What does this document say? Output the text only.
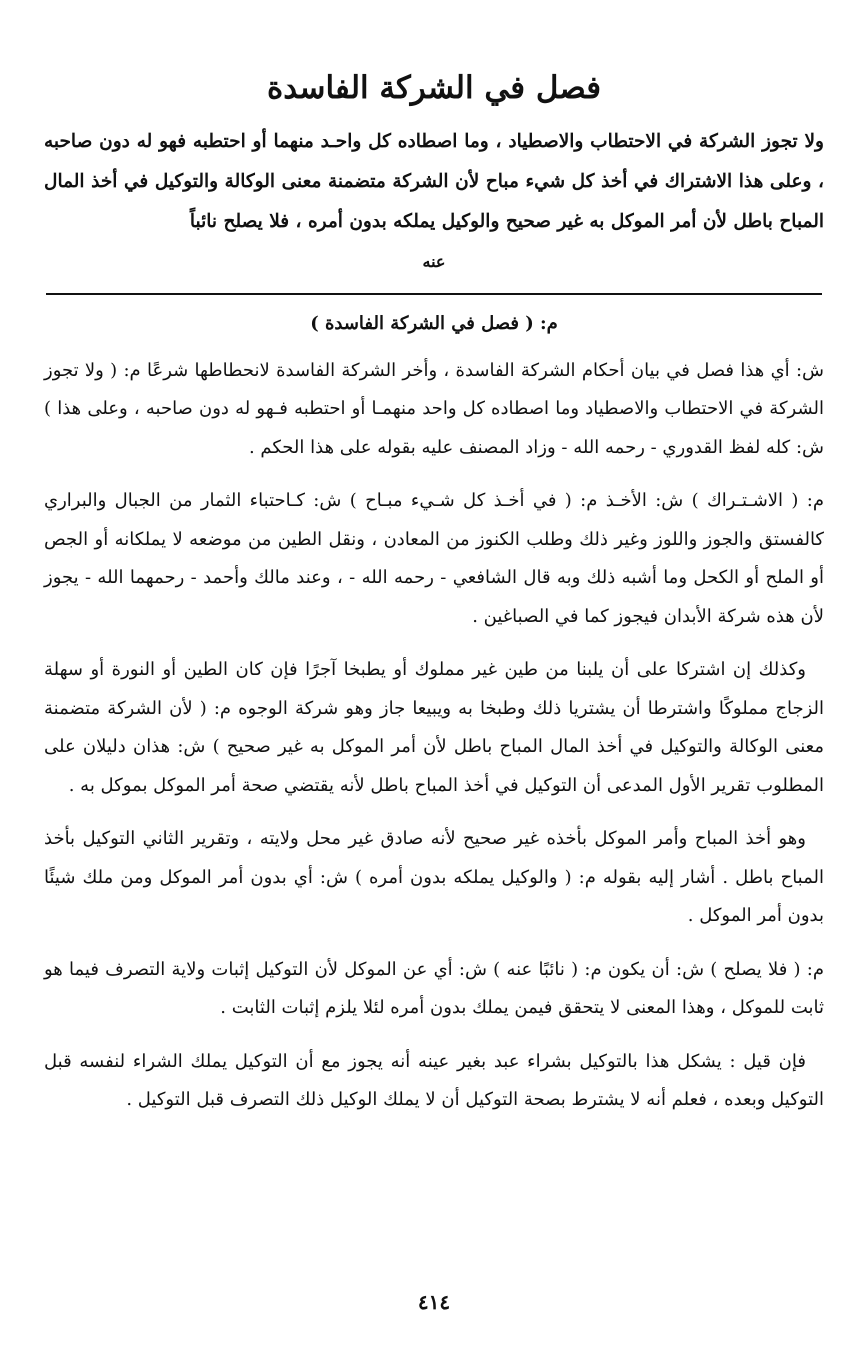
فصل في الشركة الفاسدة
ولا تجوز الشركة في الاحتطاب والاصطياد ، وما اصطاده كل واحـد منهما أو احتطبه فهو له دون صاحبه ، وعلى هذا الاشتراك في أخذ كل شيء مباح لأن الشركة متضمنة معنى الوكالة والتوكيل في أخذ المال المباح باطل لأن أمر الموكل به غير صحيح والوكيل يملكه بدون أمره ، فلا يصلح نائباً
عنه

م: ( فصل في الشركة الفاسدة )

ش: أي هذا فصل في بيان أحكام الشركة الفاسدة ، وأخر الشركة الفاسدة لانحطاطها شرعًا م: ( ولا تجوز الشركة في الاحتطاب والاصطياد وما اصطاده كل واحد منهمـا أو احتطبه فـهو له دون صاحبه ، وعلى هذا ) ش: كله لفظ القدوري - رحمه الله - وزاد المصنف عليه بقوله على هذا الحكم .

م: ( الاشـتـراك ) ش: الأخـذ م: ( في أخـذ كل شـيء مبـاح ) ش: كـاحتباء الثمار من الجبال والبراري كالفستق والجوز واللوز وغير ذلك وطلب الكنوز من المعادن ، ونقل الطين من موضعه لا يملكانه أو الجص أو الملح أو الكحل وما أشبه ذلك وبه قال الشافعي - رحمه الله - ، وعند مالك وأحمد - رحمهما الله - يجوز لأن هذه شركة الأبدان فيجوز كما في الصباغين .

وكذلك إن اشتركا على أن يلبنا من طين غير مملوك أو يطبخا آجرًا فإن كان الطين أو النورة أو سهلة الزجاج مملوكًا واشترطا أن يشتريا ذلك وطبخا به ويبيعا جاز وهو شركة الوجوه م: ( لأن الشركة متضمنة معنى الوكالة والتوكيل في أخذ المال المباح باطل لأن أمر الموكل به غير صحيح ) ش: هذان دليلان على المطلوب تقرير الأول المدعى أن التوكيل في أخذ المباح باطل لأنه يقتضي صحة أمر الموكل بموكل به .

وهو أخذ المباح وأمر الموكل بأخذه غير صحيح لأنه صادق غير محل ولايته ، وتقرير الثاني التوكيل بأخذ المباح باطل . أشار إليه بقوله م: ( والوكيل يملكه بدون أمره ) ش: أي بدون أمر الموكل ومن ملك شيئًا بدون أمر الموكل .

م: ( فلا يصلح ) ش: أن يكون م: ( نائبًا عنه ) ش: أي عن الموكل لأن التوكيل إثبات ولاية التصرف فيما هو ثابت للموكل ، وهذا المعنى لا يتحقق فيمن يملك بدون أمره لئلا يلزم إثبات الثابت .

فإن قيل : يشكل هذا بالتوكيل بشراء عبد بغير عينه أنه يجوز مع أن التوكيل يملك الشراء لنفسه قبل التوكيل وبعده ، فعلم أنه لا يشترط بصحة التوكيل أن لا يملك الوكيل ذلك التصرف قبل التوكيل .

٤١٤
